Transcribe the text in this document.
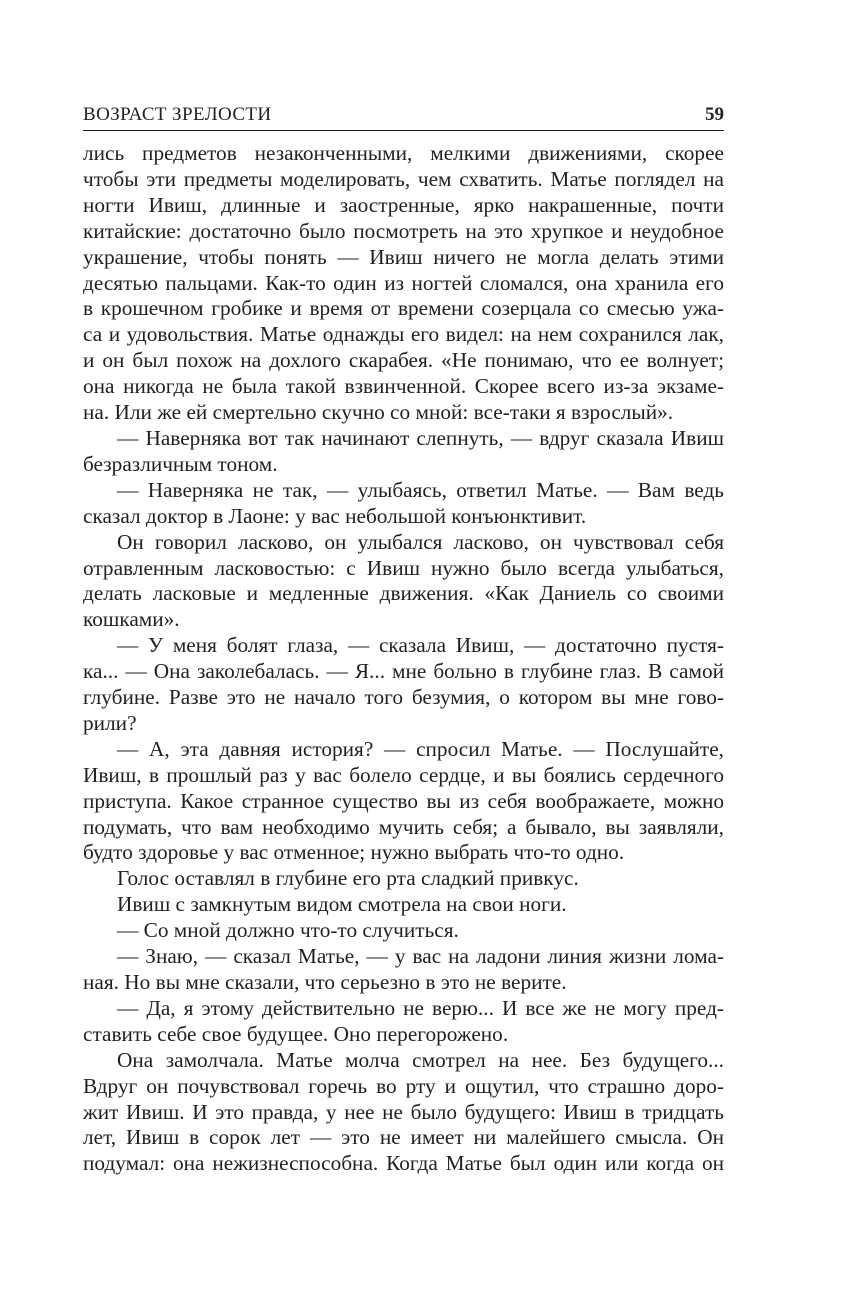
ВОЗРАСТ ЗРЕЛОСТИ	59

лись предметов незаконченными, мелкими движениями, скорее
чтобы эти предметы моделировать, чем схватить. Матье поглядел на
ногти Ивиш, длинные и заостренные, ярко накрашенные, почти
китайские: достаточно было посмотреть на это хрупкое и неудобное
украшение, чтобы понять — Ивиш ничего не могла делать этими
десятью пальцами. Как-то один из ногтей сломался, она хранила его
в крошечном гробике и время от времени созерцала со смесью ужа-
са и удовольствия. Матье однажды его видел: на нем сохранился лак,
и он был похож на дохлого скарабея. «Не понимаю, что ее волнует;
она никогда не была такой взвинченной. Скорее всего из-за экзаме-
на. Или же ей смертельно скучно со мной: все-таки я взрослый».

— Наверняка вот так начинают слепнуть, — вдруг сказала Ивиш
безразличным тоном.

— Наверняка не так, — улыбаясь, ответил Матье. — Вам ведь
сказал доктор в Лаоне: у вас небольшой конъюнктивит.

Он говорил ласково, он улыбался ласково, он чувствовал себя
отравленным ласковостью: с Ивиш нужно было всегда улыбаться,
делать ласковые и медленные движения. «Как Даниель со своими
кошками».

— У меня болят глаза, — сказала Ивиш, — достаточно пустя-
ка... — Она заколебалась. — Я... мне больно в глубине глаз. В самой
глубине. Разве это не начало того безумия, о котором вы мне гово-
рили?

— А, эта давняя история? — спросил Матье. — Послушайте,
Ивиш, в прошлый раз у вас болело сердце, и вы боялись сердечного
приступа. Какое странное существо вы из себя воображаете, можно
подумать, что вам необходимо мучить себя; а бывало, вы заявляли,
будто здоровье у вас отменное; нужно выбрать что-то одно.

Голос оставлял в глубине его рта сладкий привкус.

Ивиш с замкнутым видом смотрела на свои ноги.

— Со мной должно что-то случиться.

— Знаю, — сказал Матье, — у вас на ладони линия жизни лома-
ная. Но вы мне сказали, что серьезно в это не верите.

— Да, я этому действительно не верю... И все же не могу пред-
ставить себе свое будущее. Оно перегорожено.

Она замолчала. Матье молча смотрел на нее. Без будущего...
Вдруг он почувствовал горечь во рту и ощутил, что страшно доро-
жит Ивиш. И это правда, у нее не было будущего: Ивиш в тридцать
лет, Ивиш в сорок лет — это не имеет ни малейшего смысла. Он
подумал: она нежизнеспособна. Когда Матье был один или когда он
